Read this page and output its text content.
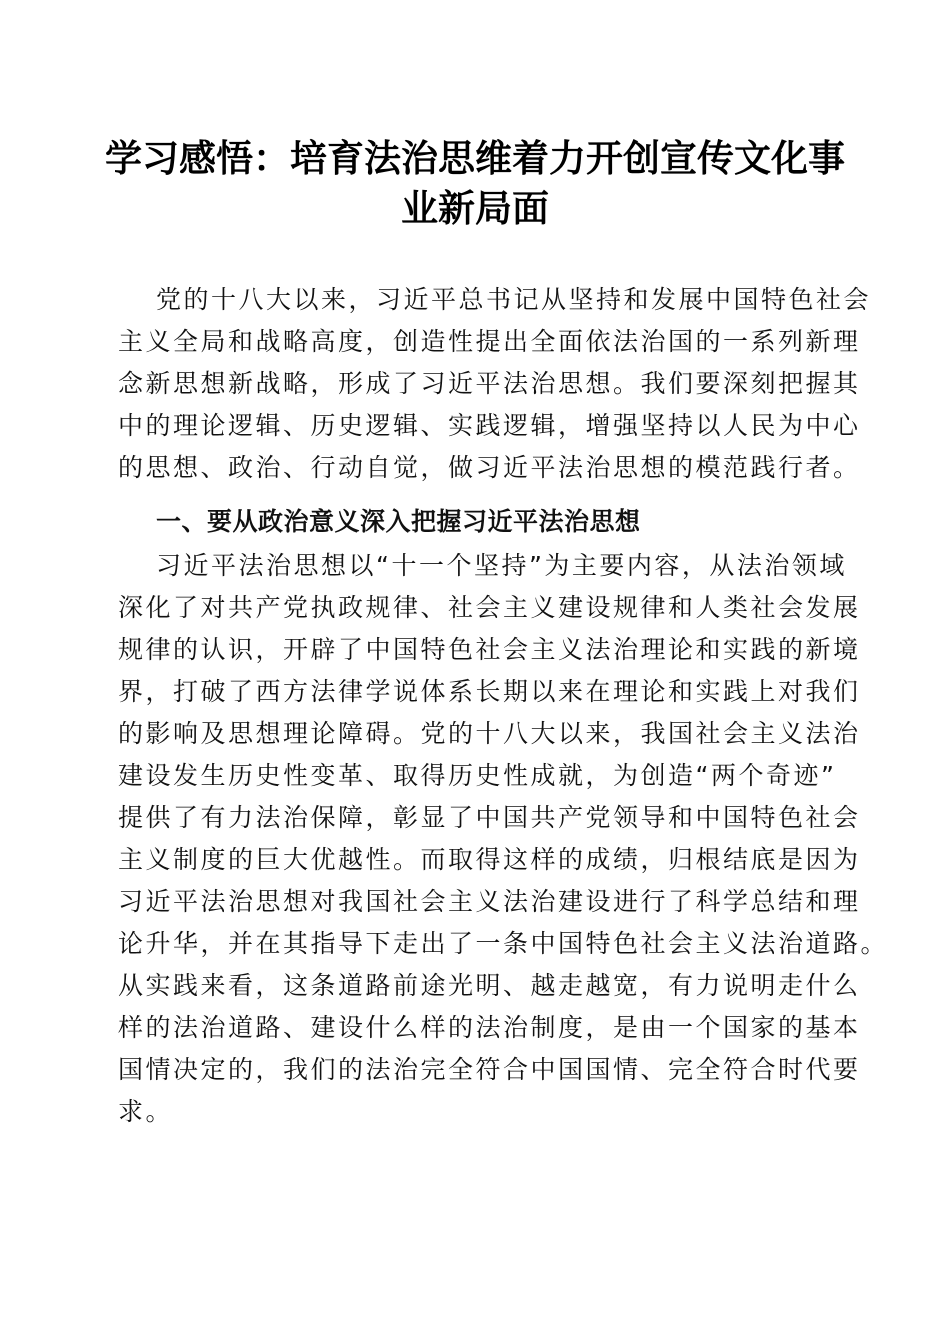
学习感悟：培育法治思维着力开创宣传文化事
业新局面
党的十八大以来，习近平总书记从坚持和发展中国特色社会
主义全局和战略高度，创造性提出全面依法治国的一系列新理
念新思想新战略，形成了习近平法治思想。我们要深刻把握其
中的理论逻辑、历史逻辑、实践逻辑，增强坚持以人民为中心
的思想、政治、行动自觉，做习近平法治思想的模范践行者。
一、要从政治意义深入把握习近平法治思想
习近平法治思想以“十一个坚持”为主要内容，从法治领域
深化了对共产党执政规律、社会主义建设规律和人类社会发展
规律的认识，开辟了中国特色社会主义法治理论和实践的新境
界，打破了西方法律学说体系长期以来在理论和实践上对我们
的影响及思想理论障碍。党的十八大以来，我国社会主义法治
建设发生历史性变革、取得历史性成就，为创造“两个奇迹”
提供了有力法治保障，彰显了中国共产党领导和中国特色社会
主义制度的巨大优越性。而取得这样的成绩，归根结底是因为
习近平法治思想对我国社会主义法治建设进行了科学总结和理
论升华，并在其指导下走出了一条中国特色社会主义法治道路。
从实践来看，这条道路前途光明、越走越宽，有力说明走什么
样的法治道路、建设什么样的法治制度，是由一个国家的基本
国情决定的，我们的法治完全符合中国国情、完全符合时代要
求。
